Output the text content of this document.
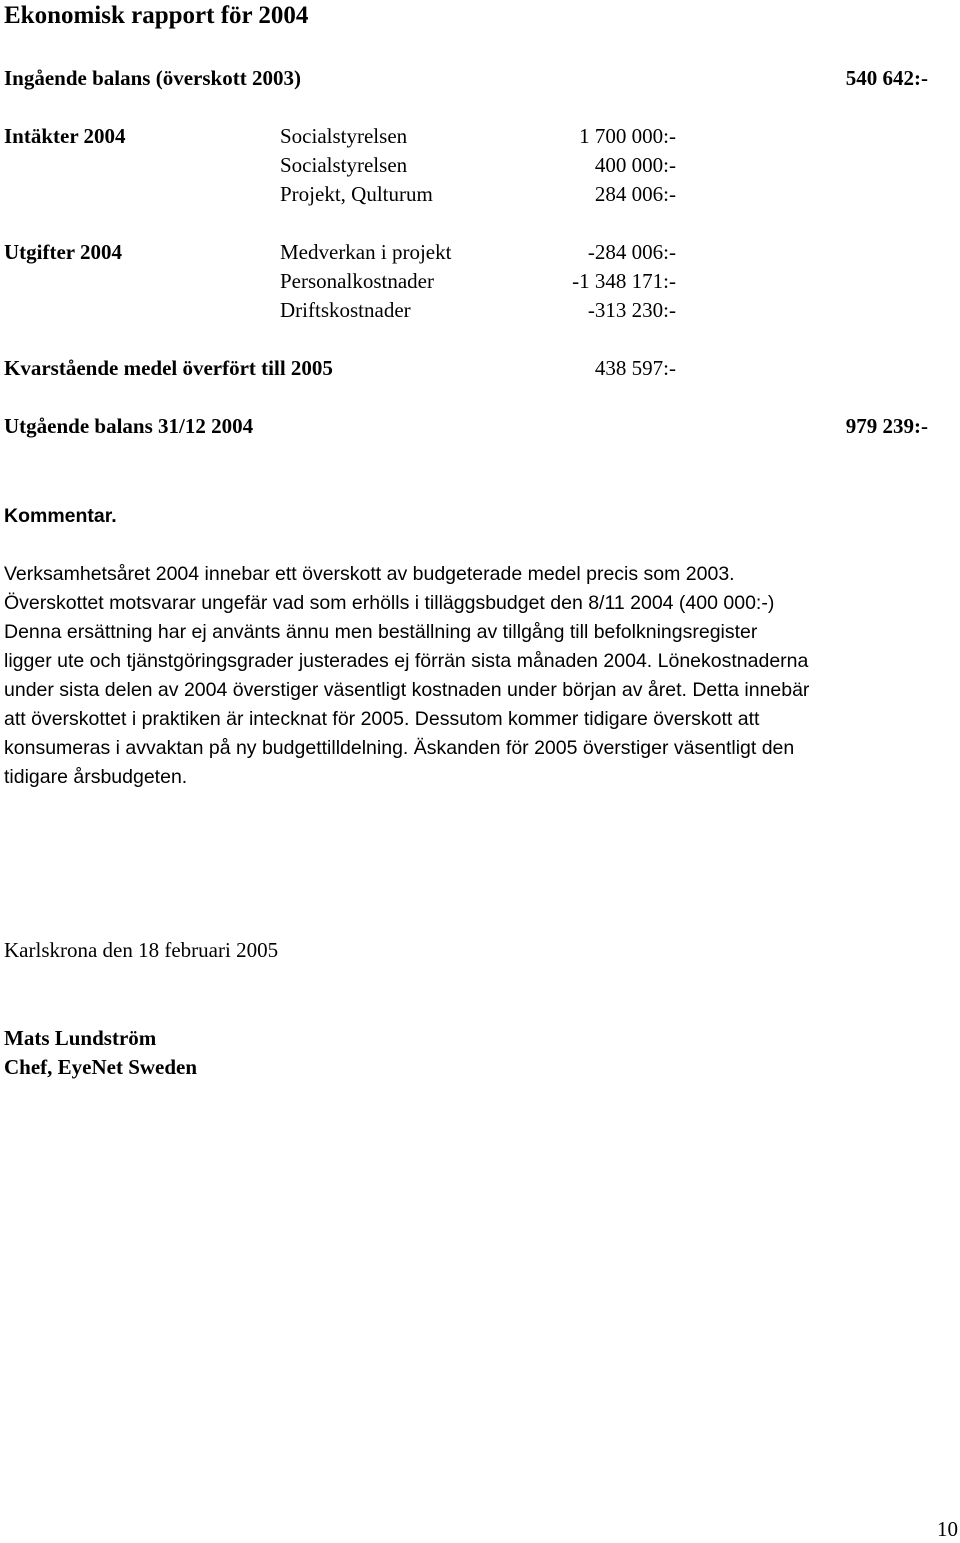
Ekonomisk rapport för 2004
Ingående balans (överskott 2003)	540 642:-
Intäkter 2004	Socialstyrelsen	1 700 000:-
Socialstyrelsen	400 000:-
Projekt, Qulturum	284 006:-
Utgifter 2004	Medverkan i projekt	-284 006:-
Personalkostnader	-1 348 171:-
Driftskostnader	-313 230:-
Kvarstående medel överfört till 2005	438 597:-
Utgående balans 31/12 2004	979 239:-
Kommentar.
Verksamhetsåret 2004 innebar ett överskott av budgeterade medel precis som 2003.
Överskottet motsvarar ungefär vad som erhölls i tilläggsbudget den 8/11 2004 (400 000:-)
Denna ersättning har ej använts ännu men beställning av tillgång till befolkningsregister
ligger ute och tjänstgöringsgrader justerades ej förrän sista månaden 2004. Lönekostnaderna
under sista delen av 2004 överstiger väsentligt kostnaden under början av året. Detta innebär
att överskottet i praktiken är intecknat för 2005. Dessutom kommer tidigare överskott att
konsumeras i avvaktan på ny budgettilldelning. Äskanden för 2005 överstiger väsentligt den
tidigare årsbudgeten.
Karlskrona den 18 februari 2005
Mats Lundström
Chef, EyeNet Sweden
10
